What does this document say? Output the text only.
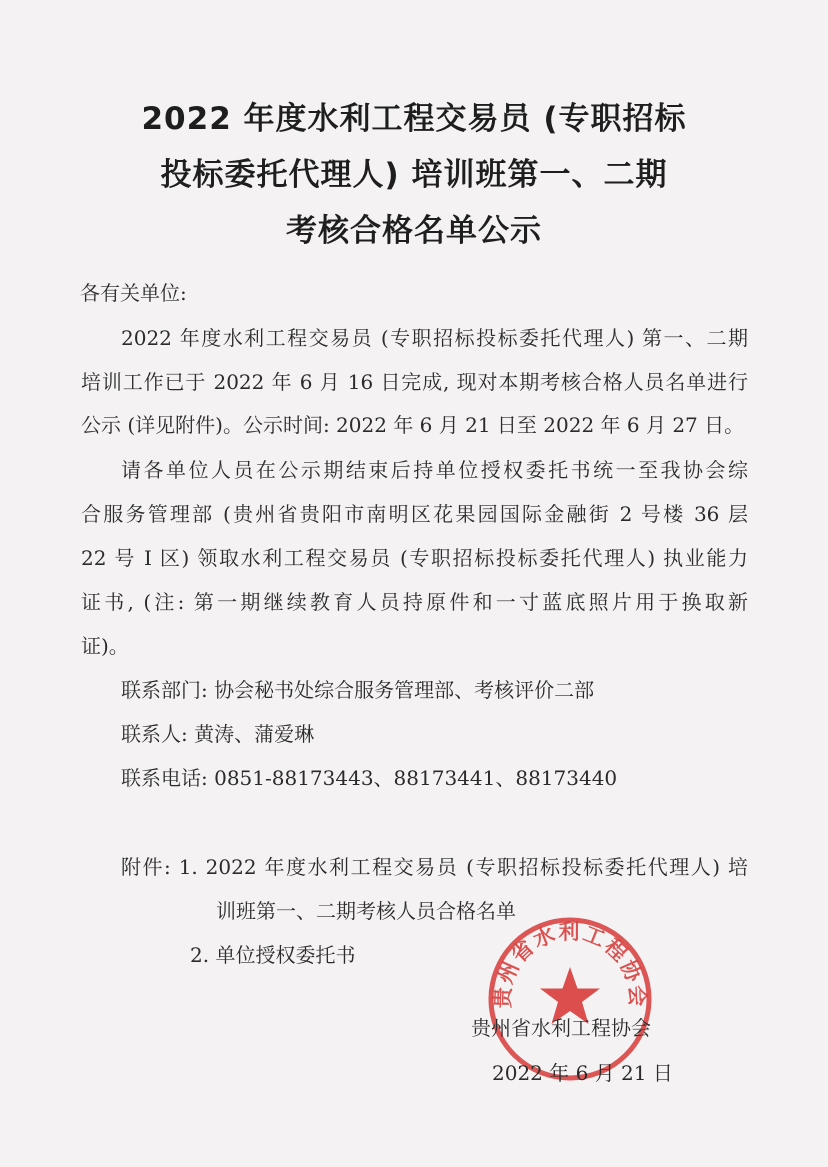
2022 年度水利工程交易员 (专职招标
投标委托代理人) 培训班第一、二期
考核合格名单公示
各有关单位:
2022 年度水利工程交易员 (专职招标投标委托代理人) 第一、二期
培训工作已于 2022 年 6 月 16 日完成, 现对本期考核合格人员名单进行
公示 (详见附件)。公示时间: 2022 年 6 月 21 日至 2022 年 6 月 27 日。
请各单位人员在公示期结束后持单位授权委托书统一至我协会综
合服务管理部 (贵州省贵阳市南明区花果园国际金融街 2 号楼 36 层
22 号 I 区) 领取水利工程交易员 (专职招标投标委托代理人) 执业能力
证书, (注: 第一期继续教育人员持原件和一寸蓝底照片用于换取新
证)。
联系部门: 协会秘书处综合服务管理部、考核评价二部
联系人: 黄涛、蒲爱琳
联系电话: 0851-88173443、88173441、88173440
附件: 1. 2022 年度水利工程交易员 (专职招标投标委托代理人) 培
训班第一、二期考核人员合格名单
2. 单位授权委托书
贵州省水利工程协会
贵州省水利工程协会
2022 年 6 月 21 日
